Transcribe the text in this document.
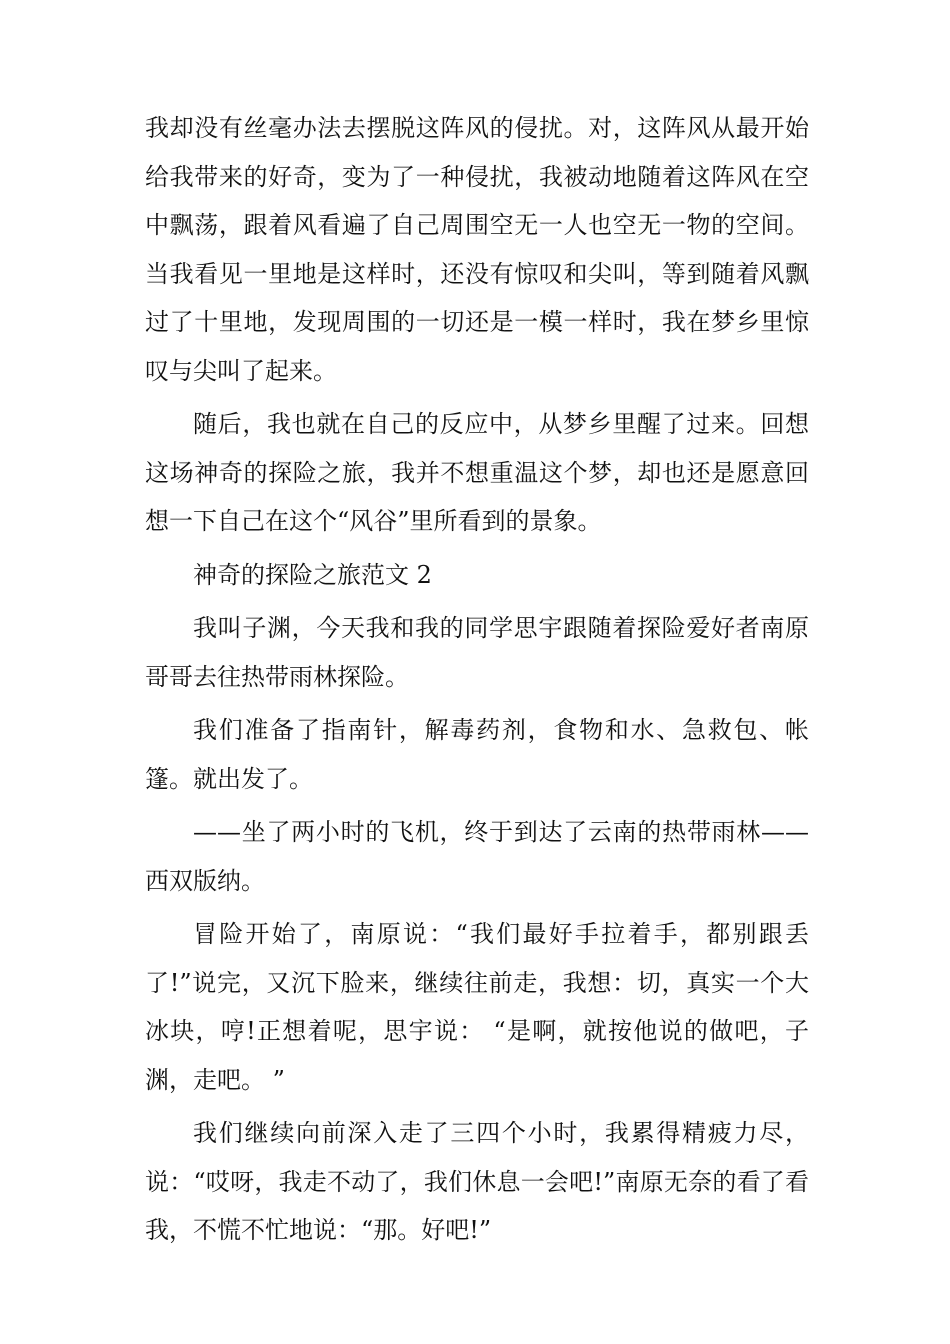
我却没有丝毫办法去摆脱这阵风的侵扰。对，这阵风从最开始给我带来的好奇，变为了一种侵扰，我被动地随着这阵风在空中飘荡，跟着风看遍了自己周围空无一人也空无一物的空间。当我看见一里地是这样时，还没有惊叹和尖叫，等到随着风飘过了十里地，发现周围的一切还是一模一样时，我在梦乡里惊叹与尖叫了起来。

随后，我也就在自己的反应中，从梦乡里醒了过来。回想这场神奇的探险之旅，我并不想重温这个梦，却也还是愿意回想一下自己在这个“风谷”里所看到的景象。

神奇的探险之旅范文 2

我叫子渊，今天我和我的同学思宇跟随着探险爱好者南原哥哥去往热带雨林探险。

我们准备了指南针，解毒药剂，食物和水、急救包、帐篷。就出发了。

——坐了两小时的飞机，终于到达了云南的热带雨林——西双版纳。

冒险开始了，南原说：“我们最好手拉着手，都别跟丢了!”说完，又沉下脸来，继续往前走，我想：切，真实一个大冰块，哼!正想着呢，思宇说： “是啊，就按他说的做吧，子渊，走吧。 ”

我们继续向前深入走了三四个小时，我累得精疲力尽，说：“哎呀，我走不动了，我们休息一会吧!”南原无奈的看了看我，不慌不忙地说：“那。好吧!”
